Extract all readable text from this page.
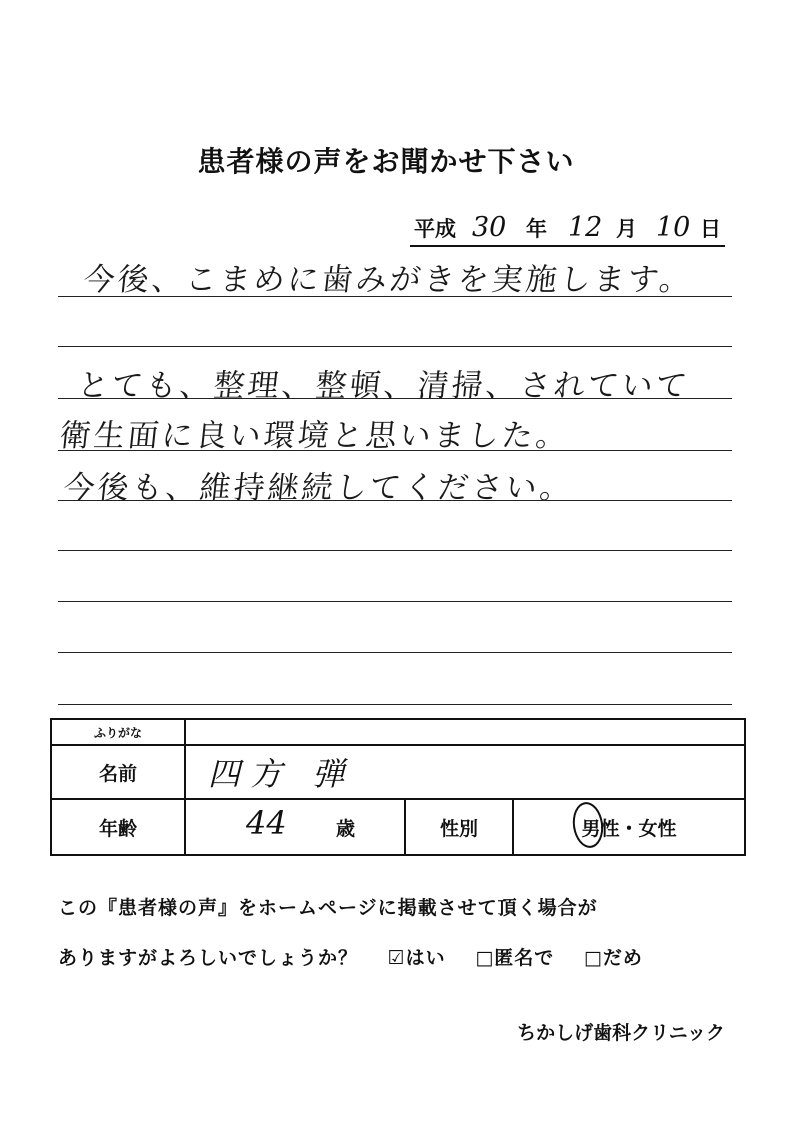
患者様の声をお聞かせ下さい
平成 30 年 12 月 10 日
今後、こまめに歯みがきを実施します。
とても、整理、整頓、清掃、されていて
衛生面に良い環境と思いました。
今後も、維持継続してください。
ふりがな			
名前	四方 弾		
年齢	44 歳	性別	男性・女性
この『患者様の声』をホームページに掲載させて頂く場合が
ありますがよろしいでしょうか？ ☑はい □匿名で □だめ
ちかしげ歯科クリニック
